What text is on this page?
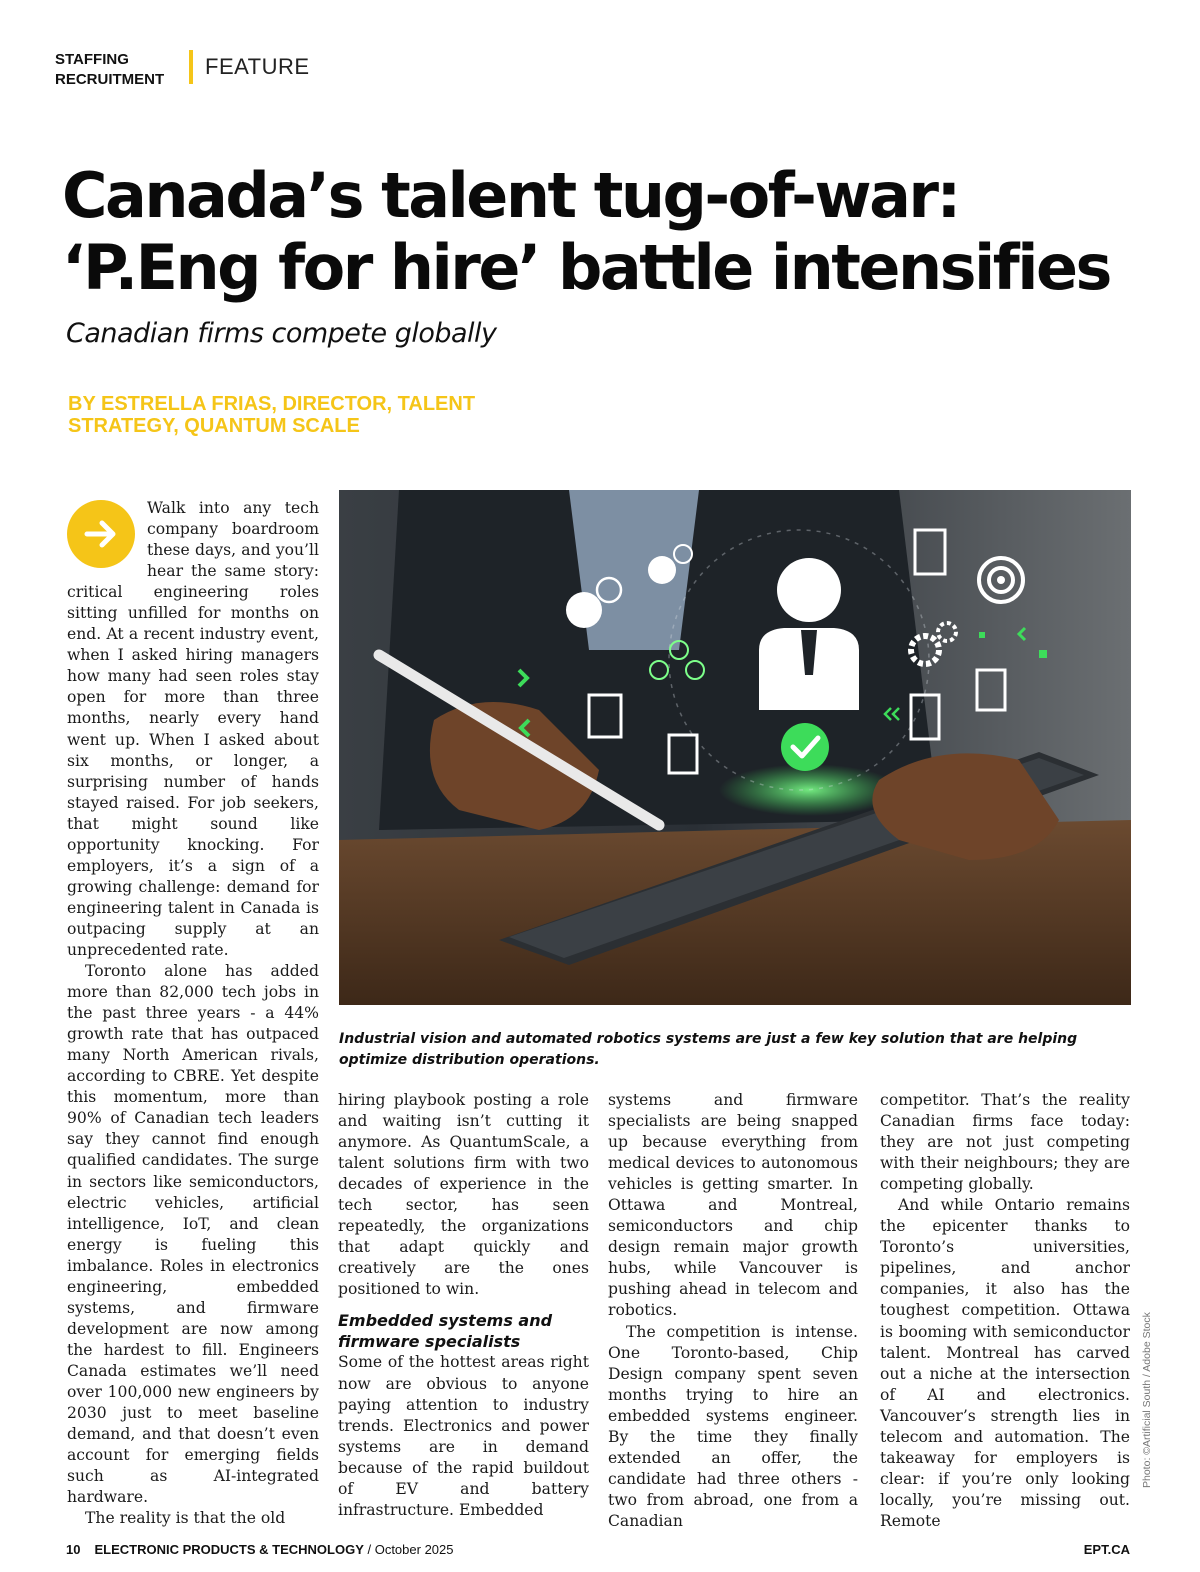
STAFFING
RECRUITMENT
FEATURE
Canada’s talent tug-of-war:
‘P.Eng for hire’ battle intensifies
Canadian firms compete globally
BY ESTRELLA FRIAS, DIRECTOR, TALENT
STRATEGY, QUANTUM SCALE

Walk into any tech company boardroom these days, and you’ll hear the same story: critical engineering roles sitting unfilled for months on end. At a recent industry event, when I asked hiring managers how many had seen roles stay open for more than three months, nearly every hand went up. When I asked about six months, or longer, a surprising number of hands stayed raised. For job seekers, that might sound like opportunity knocking. For employers, it’s a sign of a growing challenge: demand for engineering talent in Canada is outpacing supply at an unprecedented rate.

Toronto alone has added more than 82,000 tech jobs in the past three years - a 44% growth rate that has outpaced many North American rivals, according to CBRE. Yet despite this momentum, more than 90% of Canadian tech leaders say they cannot find enough qualified candidates. The surge in sectors like semiconductors, electric vehicles, artificial intelligence, IoT, and clean energy is fueling this imbalance. Roles in electronics engineering, embedded systems, and firmware development are now among the hardest to fill. Engineers Canada estimates we’ll need over 100,000 new engineers by 2030 just to meet baseline demand, and that doesn’t even account for emerging fields such as AI-integrated hardware.

The reality is that the old

Industrial vision and automated robotics systems are just a few key solution that are helping optimize distribution operations.
Photo: ©Artificial South / Adobe Stock

hiring playbook posting a role and waiting isn’t cutting it anymore. As QuantumScale, a talent solutions firm with two decades of experience in the tech sector, has seen repeatedly, the organizations that adapt quickly and creatively are the ones positioned to win.

Embedded systems and
firmware specialists

Some of the hottest areas right now are obvious to anyone paying attention to industry trends. Electronics and power systems are in demand because of the rapid buildout of EV and battery infrastructure. Embedded

systems and firmware specialists are being snapped up because everything from medical devices to autonomous vehicles is getting smarter. In Ottawa and Montreal, semiconductors and chip design remain major growth hubs, while Vancouver is pushing ahead in telecom and robotics.

The competition is intense. One Toronto-based, Chip Design company spent seven months trying to hire an embedded systems engineer. By the time they finally extended an offer, the candidate had three others - two from abroad, one from a Canadian

competitor. That’s the reality Canadian firms face today: they are not just competing with their neighbours; they are competing globally.

And while Ontario remains the epicenter thanks to Toronto’s universities, pipelines, and anchor companies, it also has the toughest competition. Ottawa is booming with semiconductor talent. Montreal has carved out a niche at the intersection of AI and electronics. Vancouver’s strength lies in telecom and automation. The takeaway for employers is clear: if you’re only looking locally, you’re missing out. Remote

10 ELECTRONIC PRODUCTS & TECHNOLOGY / October 2025	EPT.CA
